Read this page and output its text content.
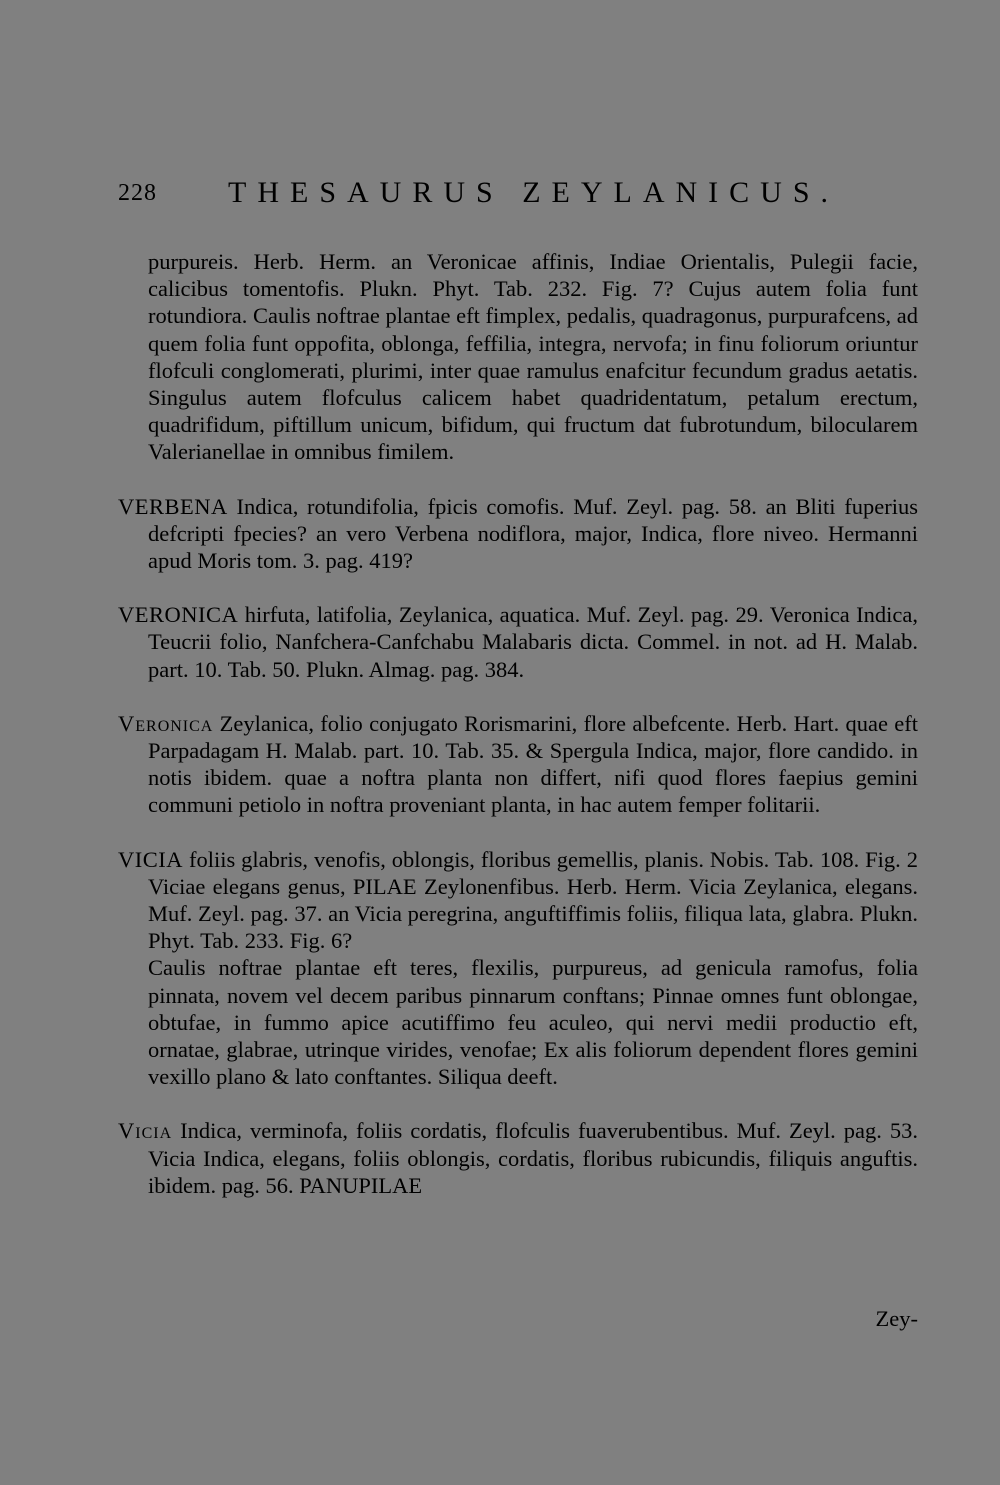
228 THESAURUS ZEYLANICUS.

purpureis. Herb. Herm. an Veronicae affinis, Indiae Orientalis, Pulegii facie, calicibus tomentofis. Plukn. Phyt. Tab. 232. Fig. 7? Cujus autem folia funt rotundiora. Caulis noftrae plantae eft fimplex, pedalis, quadragonus, purpurafcens, ad quem folia funt oppofita, oblonga, feffilia, integra, nervofa; in finu foliorum oriuntur flofculi conglomerati, plurimi, inter quae ramulus enafcitur fecundum gradus aetatis. Singulus autem flofculus calicem habet quadridentatum, petalum erectum, quadrifidum, piftillum unicum, bifidum, qui fructum dat fubrotundum, bilocularem Valerianellae in omnibus fimilem.

VERBENA Indica, rotundifolia, fpicis comofis. Muf. Zeyl. pag. 58. an Bliti fuperius defcripti fpecies? an vero Verbena nodiflora, major, Indica, flore niveo. Hermanni apud Moris tom. 3. pag. 419?

VERONICA hirfuta, latifolia, Zeylanica, aquatica. Muf. Zeyl. pag. 29. Veronica Indica, Teucrii folio, Nanfchera-Canfchabu Malabaris dicta. Commel. in not. ad H. Malab. part. 10. Tab. 50. Plukn. Almag. pag. 384.

Veronica Zeylanica, folio conjugato Rorismarini, flore albefcente. Herb. Hart. quae eft Parpadagam H. Malab. part. 10. Tab. 35. & Spergula Indica, major, flore candido. in notis ibidem. quae a noftra planta non differt, nifi quod flores faepius gemini communi petiolo in noftra proveniant planta, in hac autem femper folitarii.

VICIA foliis glabris, venofis, oblongis, floribus gemellis, planis. Nobis. Tab. 108. Fig. 2 Viciae elegans genus, PILAE Zeylonenfibus. Herb. Herm. Vicia Zeylanica, elegans. Muf. Zeyl. pag. 37. an Vicia peregrina, anguftiffimis foliis, filiqua lata, glabra. Plukn. Phyt. Tab. 233. Fig. 6?
Caulis noftrae plantae eft teres, flexilis, purpureus, ad genicula ramofus, folia pinnata, novem vel decem paribus pinnarum conftans; Pinnae omnes funt oblongae, obtufae, in fummo apice acutiffimo feu aculeo, qui nervi medii productio eft, ornatae, glabrae, utrinque virides, venofae; Ex alis foliorum dependent flores gemini vexillo plano & lato conftantes. Siliqua deeft.

Vicia Indica, verminofa, foliis cordatis, flofculis fuaverubentibus. Muf. Zeyl. pag. 53. Vicia Indica, elegans, foliis oblongis, cordatis, floribus rubicundis, filiquis anguftis. ibidem. pag. 56. PANUPILAE

Zey-
